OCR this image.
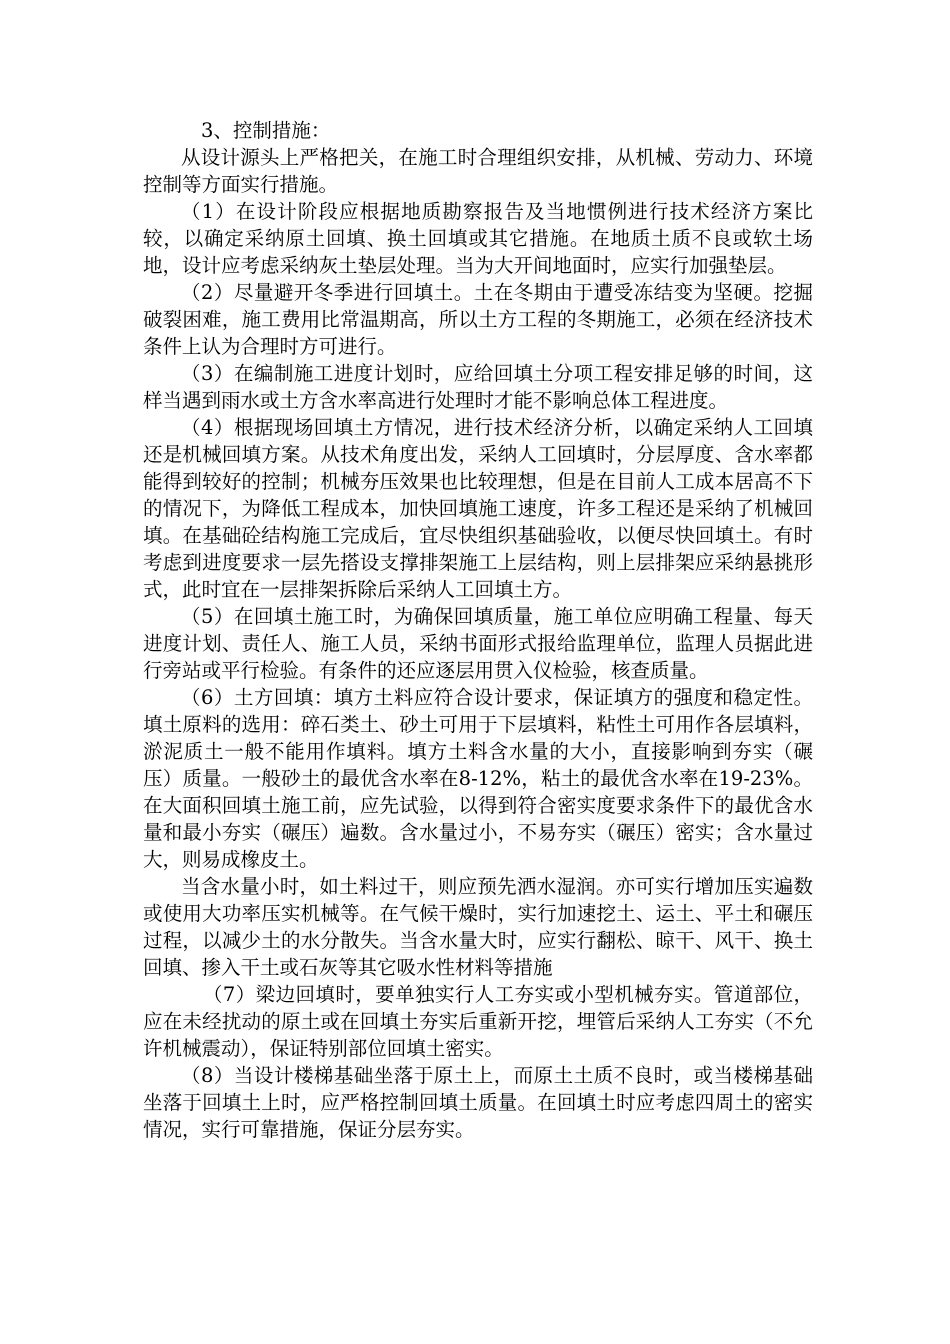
3、控制措施：

从设计源头上严格把关，在施工时合理组织安排，从机械、劳动力、环境控制等方面实行措施。

（1）在设计阶段应根据地质勘察报告及当地惯例进行技术经济方案比较，以确定采纳原土回填、换土回填或其它措施。在地质土质不良或软土场地，设计应考虑采纳灰土垫层处理。当为大开间地面时，应实行加强垫层。

（2）尽量避开冬季进行回填土。土在冬期由于遭受冻结变为坚硬。挖掘破裂困难，施工费用比常温期高，所以土方工程的冬期施工，必须在经济技术条件上认为合理时方可进行。

（3）在编制施工进度计划时，应给回填土分项工程安排足够的时间，这样当遇到雨水或土方含水率高进行处理时才能不影响总体工程进度。

（4）根据现场回填土方情况，进行技术经济分析，以确定采纳人工回填还是机械回填方案。从技术角度出发，采纳人工回填时，分层厚度、含水率都能得到较好的控制；机械夯压效果也比较理想，但是在目前人工成本居高不下的情况下，为降低工程成本，加快回填施工速度，许多工程还是采纳了机械回填。在基础砼结构施工完成后，宜尽快组织基础验收，以便尽快回填土。有时考虑到进度要求一层先搭设支撑排架施工上层结构，则上层排架应采纳悬挑形式，此时宜在一层排架拆除后采纳人工回填土方。

（5）在回填土施工时，为确保回填质量，施工单位应明确工程量、每天进度计划、责任人、施工人员，采纳书面形式报给监理单位，监理人员据此进行旁站或平行检验。有条件的还应逐层用贯入仪检验，核查质量。

（6）土方回填：填方土料应符合设计要求，保证填方的强度和稳定性。填土原料的选用：碎石类土、砂土可用于下层填料，粘性土可用作各层填料，淤泥质土一般不能用作填料。填方土料含水量的大小，直接影响到夯实（碾压）质量。一般砂土的最优含水率在8-12%，粘土的最优含水率在19-23%。在大面积回填土施工前，应先试验，以得到符合密实度要求条件下的最优含水量和最小夯实（碾压）遍数。含水量过小，不易夯实（碾压）密实；含水量过大，则易成橡皮土。

当含水量小时，如土料过干，则应预先洒水湿润。亦可实行增加压实遍数或使用大功率压实机械等。在气候干燥时，实行加速挖土、运土、平土和碾压过程，以减少土的水分散失。当含水量大时，应实行翻松、晾干、风干、换土回填、掺入干土或石灰等其它吸水性材料等措施

（7）梁边回填时，要单独实行人工夯实或小型机械夯实。管道部位，应在未经扰动的原土或在回填土夯实后重新开挖，埋管后采纳人工夯实（不允许机械震动），保证特别部位回填土密实。

（8）当设计楼梯基础坐落于原土上，而原土土质不良时，或当楼梯基础坐落于回填土上时，应严格控制回填土质量。在回填土时应考虑四周土的密实情况，实行可靠措施，保证分层夯实。
